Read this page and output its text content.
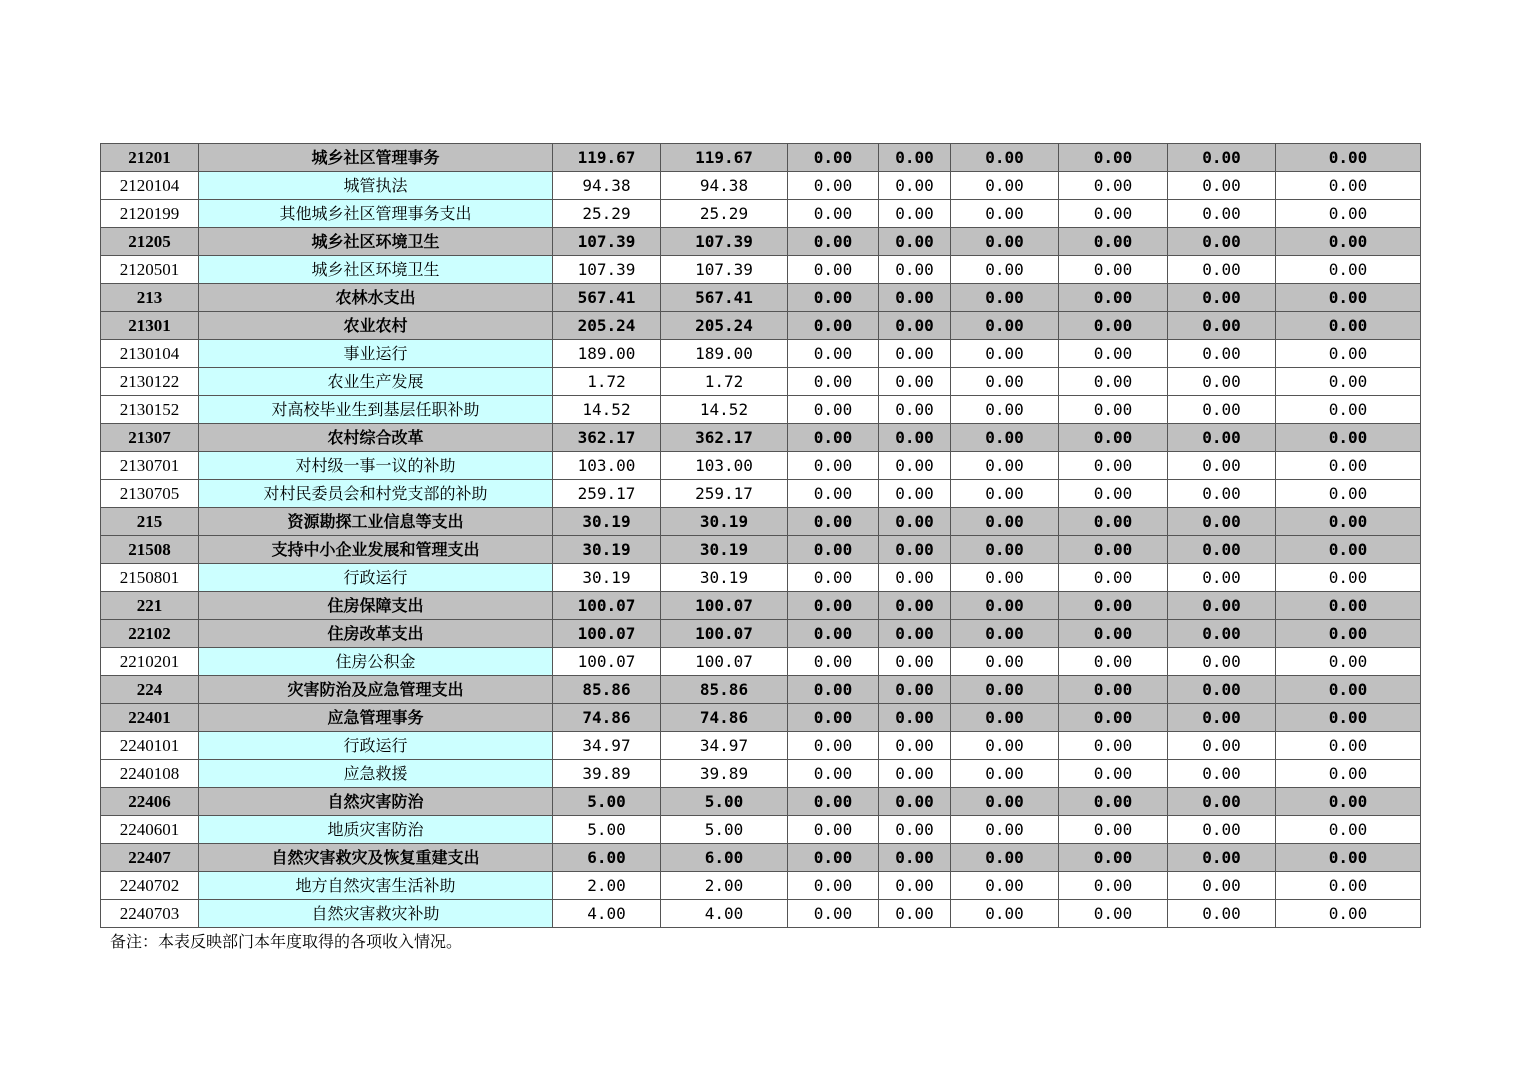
21201	城乡社区管理事务	119.67	119.67	0.00	0.00	0.00	0.00	0.00	0.00
2120104	城管执法	94.38	94.38	0.00	0.00	0.00	0.00	0.00	0.00
2120199	其他城乡社区管理事务支出	25.29	25.29	0.00	0.00	0.00	0.00	0.00	0.00
21205	城乡社区环境卫生	107.39	107.39	0.00	0.00	0.00	0.00	0.00	0.00
2120501	城乡社区环境卫生	107.39	107.39	0.00	0.00	0.00	0.00	0.00	0.00
213	农林水支出	567.41	567.41	0.00	0.00	0.00	0.00	0.00	0.00
21301	农业农村	205.24	205.24	0.00	0.00	0.00	0.00	0.00	0.00
2130104	事业运行	189.00	189.00	0.00	0.00	0.00	0.00	0.00	0.00
2130122	农业生产发展	1.72	1.72	0.00	0.00	0.00	0.00	0.00	0.00
2130152	对高校毕业生到基层任职补助	14.52	14.52	0.00	0.00	0.00	0.00	0.00	0.00
21307	农村综合改革	362.17	362.17	0.00	0.00	0.00	0.00	0.00	0.00
2130701	对村级一事一议的补助	103.00	103.00	0.00	0.00	0.00	0.00	0.00	0.00
2130705	对村民委员会和村党支部的补助	259.17	259.17	0.00	0.00	0.00	0.00	0.00	0.00
215	资源勘探工业信息等支出	30.19	30.19	0.00	0.00	0.00	0.00	0.00	0.00
21508	支持中小企业发展和管理支出	30.19	30.19	0.00	0.00	0.00	0.00	0.00	0.00
2150801	行政运行	30.19	30.19	0.00	0.00	0.00	0.00	0.00	0.00
221	住房保障支出	100.07	100.07	0.00	0.00	0.00	0.00	0.00	0.00
22102	住房改革支出	100.07	100.07	0.00	0.00	0.00	0.00	0.00	0.00
2210201	住房公积金	100.07	100.07	0.00	0.00	0.00	0.00	0.00	0.00
224	灾害防治及应急管理支出	85.86	85.86	0.00	0.00	0.00	0.00	0.00	0.00
22401	应急管理事务	74.86	74.86	0.00	0.00	0.00	0.00	0.00	0.00
2240101	行政运行	34.97	34.97	0.00	0.00	0.00	0.00	0.00	0.00
2240108	应急救援	39.89	39.89	0.00	0.00	0.00	0.00	0.00	0.00
22406	自然灾害防治	5.00	5.00	0.00	0.00	0.00	0.00	0.00	0.00
2240601	地质灾害防治	5.00	5.00	0.00	0.00	0.00	0.00	0.00	0.00
22407	自然灾害救灾及恢复重建支出	6.00	6.00	0.00	0.00	0.00	0.00	0.00	0.00
2240702	地方自然灾害生活补助	2.00	2.00	0.00	0.00	0.00	0.00	0.00	0.00
2240703	自然灾害救灾补助	4.00	4.00	0.00	0.00	0.00	0.00	0.00	0.00
备注：本表反映部门本年度取得的各项收入情况。
